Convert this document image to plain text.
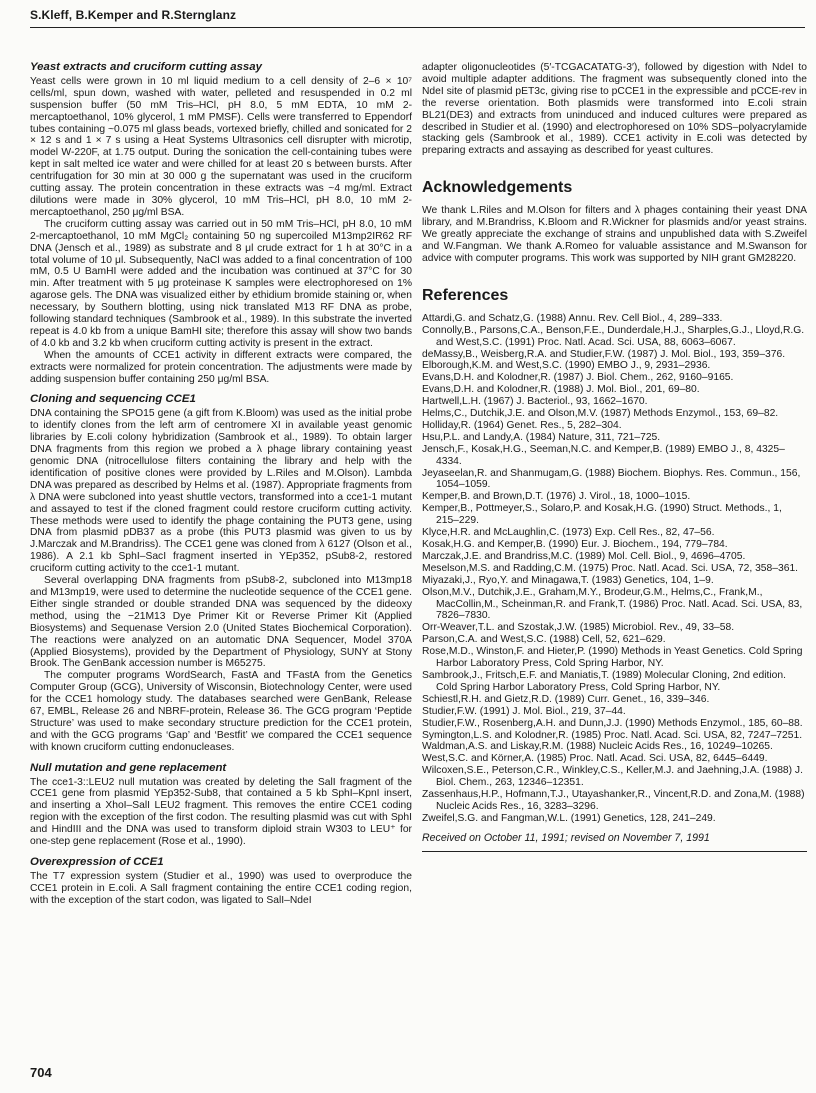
S.Kleff, B.Kemper and R.Sternglanz
Yeast extracts and cruciform cutting assay

Yeast cells were grown in 10 ml liquid medium to a cell density of 2–6 × 10⁷ cells/ml, spun down, washed with water, pelleted and resuspended in 0.2 ml suspension buffer (50 mM Tris–HCl, pH 8.0, 5 mM EDTA, 10 mM 2-mercaptoethanol, 10% glycerol, 1 mM PMSF). Cells were transferred to Eppendorf tubes containing ~0.075 ml glass beads, vortexed briefly, chilled and sonicated for 2 × 12 s and 1 × 7 s using a Heat Systems Ultrasonics cell disrupter with microtip, model W-220F, at 1.75 output. During the sonication the cell-containing tubes were kept in salt melted ice water and were chilled for at least 20 s between bursts. After centrifugation for 30 min at 30 000 g the supernatant was used in the cruciform cutting assay. The protein concentration in these extracts was ~4 mg/ml. Extract dilutions were made in 30% glycerol, 10 mM Tris–HCl, pH 8.0, 10 mM 2-mercaptoethanol, 250 μg/ml BSA.

The cruciform cutting assay was carried out in 50 mM Tris–HCl, pH 8.0, 10 mM 2-mercaptoethanol, 10 mM MgCl₂ containing 50 ng supercoiled M13mp2IR62 RF DNA (Jensch et al., 1989) as substrate and 8 μl crude extract for 1 h at 30°C in a total volume of 10 μl. Subsequently, NaCl was added to a final concentration of 100 mM, 0.5 U BamHI were added and the incubation was continued at 37°C for 30 min. After treatment with 5 μg proteinase K samples were electrophoresed on 1% agarose gels. The DNA was visualized either by ethidium bromide staining or, when necessary, by Southern blotting, using nick translated M13 RF DNA as probe, following standard techniques (Sambrook et al., 1989). In this substrate the inverted repeat is 4.0 kb from a unique BamHI site; therefore this assay will show two bands of 4.0 kb and 3.2 kb when cruciform cutting activity is present in the extract.

When the amounts of CCE1 activity in different extracts were compared, the extracts were normalized for protein concentration. The adjustments were made by adding suspension buffer containing 250 μg/ml BSA.

Cloning and sequencing CCE1

DNA containing the SPO15 gene (a gift from K.Bloom) was used as the initial probe to identify clones from the left arm of centromere XI in available yeast genomic libraries by E.coli colony hybridization (Sambrook et al., 1989). To obtain larger DNA fragments from this region we probed a λ phage library containing yeast genomic DNA (nitrocellulose filters containing the library and help with the identification of positive clones were provided by L.Riles and M.Olson). Lambda DNA was prepared as described by Helms et al. (1987). Appropriate fragments from λ DNA were subcloned into yeast shuttle vectors, transformed into a cce1-1 mutant and assayed to test if the cloned fragment could restore cruciform cutting activity. These methods were used to identify the phage containing the PUT3 gene, using DNA from plasmid pDB37 as a probe (this PUT3 plasmid was given to us by J.Marczak and M.Brandriss). The CCE1 gene was cloned from λ 6127 (Olson et al., 1986). A 2.1 kb SphI–SacI fragment inserted in YEp352, pSub8-2, restored cruciform cutting activity to the cce1-1 mutant.

Several overlapping DNA fragments from pSub8-2, subcloned into M13mp18 and M13mp19, were used to determine the nucleotide sequence of the CCE1 gene. Either single stranded or double stranded DNA was sequenced by the dideoxy method, using the −21M13 Dye Primer Kit or Reverse Primer Kit (Applied Biosystems) and Sequenase Version 2.0 (United States Biochemical Corporation). The reactions were analyzed on an automatic DNA Sequencer, Model 370A (Applied Biosystems), provided by the Department of Physiology, SUNY at Stony Brook. The GenBank accession number is M65275.

The computer programs WordSearch, FastA and TFastA from the Genetics Computer Group (GCG), University of Wisconsin, Biotechnology Center, were used for the CCE1 homology study. The databases searched were GenBank, Release 67, EMBL, Release 26 and NBRF-protein, Release 36. The GCG program ‘Peptide Structure’ was used to make secondary structure prediction for the CCE1 protein, and with the GCG programs ‘Gap’ and ‘Bestfit’ we compared the CCE1 sequence with known cruciform cutting endonucleases.

Null mutation and gene replacement

The cce1-3::LEU2 null mutation was created by deleting the SalI fragment of the CCE1 gene from plasmid YEp352-Sub8, that contained a 5 kb SphI–KpnI insert, and inserting a XhoI–SalI LEU2 fragment. This removes the entire CCE1 coding region with the exception of the first codon. The resulting plasmid was cut with SphI and HindIII and the DNA was used to transform diploid strain W303 to LEU⁺ for one-step gene replacement (Rose et al., 1990).

Overexpression of CCE1

The T7 expression system (Studier et al., 1990) was used to overproduce the CCE1 protein in E.coli. A SalI fragment containing the entire CCE1 coding region, with the exception of the start codon, was ligated to SalI–NdeI

adapter oligonucleotides (5′-TCGACATATG-3′), followed by digestion with NdeI to avoid multiple adapter additions. The fragment was subsequently cloned into the NdeI site of plasmid pET3c, giving rise to pCCE1 in the expressible and pCCE-rev in the reverse orientation. Both plasmids were transformed into E.coli strain BL21(DE3) and extracts from uninduced and induced cultures were prepared as described in Studier et al. (1990) and electrophoresed on 10% SDS–polyacrylamide stacking gels (Sambrook et al., 1989). CCE1 activity in E.coli was detected by preparing extracts and assaying as described for yeast cultures.

Acknowledgements

We thank L.Riles and M.Olson for filters and λ phages containing their yeast DNA library, and M.Brandriss, K.Bloom and R.Wickner for plasmids and/or yeast strains. We greatly appreciate the exchange of strains and unpublished data with S.Zweifel and W.Fangman. We thank A.Romeo for valuable assistance and M.Swanson for advice with computer programs. This work was supported by NIH grant GM28220.

References
Attardi,G. and Schatz,G. (1988) Annu. Rev. Cell Biol., 4, 289–333.
Connolly,B., Parsons,C.A., Benson,F.E., Dunderdale,H.J., Sharples,G.J., Lloyd,R.G. and West,S.C. (1991) Proc. Natl. Acad. Sci. USA, 88, 6063–6067.
deMassy,B., Weisberg,R.A. and Studier,F.W. (1987) J. Mol. Biol., 193, 359–376.
Elborough,K.M. and West,S.C. (1990) EMBO J., 9, 2931–2936.
Evans,D.H. and Kolodner,R. (1987) J. Biol. Chem., 262, 9160–9165.
Evans,D.H. and Kolodner,R. (1988) J. Mol. Biol., 201, 69–80.
Hartwell,L.H. (1967) J. Bacteriol., 93, 1662–1670.
Helms,C., Dutchik,J.E. and Olson,M.V. (1987) Methods Enzymol., 153, 69–82.
Holliday,R. (1964) Genet. Res., 5, 282–304.
Hsu,P.L. and Landy,A. (1984) Nature, 311, 721–725.
Jensch,F., Kosak,H.G., Seeman,N.C. and Kemper,B. (1989) EMBO J., 8, 4325–4334.
Jeyaseelan,R. and Shanmugam,G. (1988) Biochem. Biophys. Res. Commun., 156, 1054–1059.
Kemper,B. and Brown,D.T. (1976) J. Virol., 18, 1000–1015.
Kemper,B., Pottmeyer,S., Solaro,P. and Kosak,H.G. (1990) Struct. Methods., 1, 215–229.
Klyce,H.R. and McLaughlin,C. (1973) Exp. Cell Res., 82, 47–56.
Kosak,H.G. and Kemper,B. (1990) Eur. J. Biochem., 194, 779–784.
Marczak,J.E. and Brandriss,M.C. (1989) Mol. Cell. Biol., 9, 4696–4705.
Meselson,M.S. and Radding,C.M. (1975) Proc. Natl. Acad. Sci. USA, 72, 358–361.
Miyazaki,J., Ryo,Y. and Minagawa,T. (1983) Genetics, 104, 1–9.
Olson,M.V., Dutchik,J.E., Graham,M.Y., Brodeur,G.M., Helms,C., Frank,M., MacCollin,M., Scheinman,R. and Frank,T. (1986) Proc. Natl. Acad. Sci. USA, 83, 7826–7830.
Orr-Weaver,T.L. and Szostak,J.W. (1985) Microbiol. Rev., 49, 33–58.
Parson,C.A. and West,S.C. (1988) Cell, 52, 621–629.
Rose,M.D., Winston,F. and Hieter,P. (1990) Methods in Yeast Genetics. Cold Spring Harbor Laboratory Press, Cold Spring Harbor, NY.
Sambrook,J., Fritsch,E.F. and Maniatis,T. (1989) Molecular Cloning, 2nd edition. Cold Spring Harbor Laboratory Press, Cold Spring Harbor, NY.
Schiestl,R.H. and Gietz,R.D. (1989) Curr. Genet., 16, 339–346.
Studier,F.W. (1991) J. Mol. Biol., 219, 37–44.
Studier,F.W., Rosenberg,A.H. and Dunn,J.J. (1990) Methods Enzymol., 185, 60–88.
Symington,L.S. and Kolodner,R. (1985) Proc. Natl. Acad. Sci. USA, 82, 7247–7251.
Waldman,A.S. and Liskay,R.M. (1988) Nucleic Acids Res., 16, 10249–10265.
West,S.C. and Körner,A. (1985) Proc. Natl. Acad. Sci. USA, 82, 6445–6449.
Wilcoxen,S.E., Peterson,C.R., Winkley,C.S., Keller,M.J. and Jaehning,J.A. (1988) J. Biol. Chem., 263, 12346–12351.
Zassenhaus,H.P., Hofmann,T.J., Utayashanker,R., Vincent,R.D. and Zona,M. (1988) Nucleic Acids Res., 16, 3283–3296.
Zweifel,S.G. and Fangman,W.L. (1991) Genetics, 128, 241–249.
Received on October 11, 1991; revised on November 7, 1991
704
